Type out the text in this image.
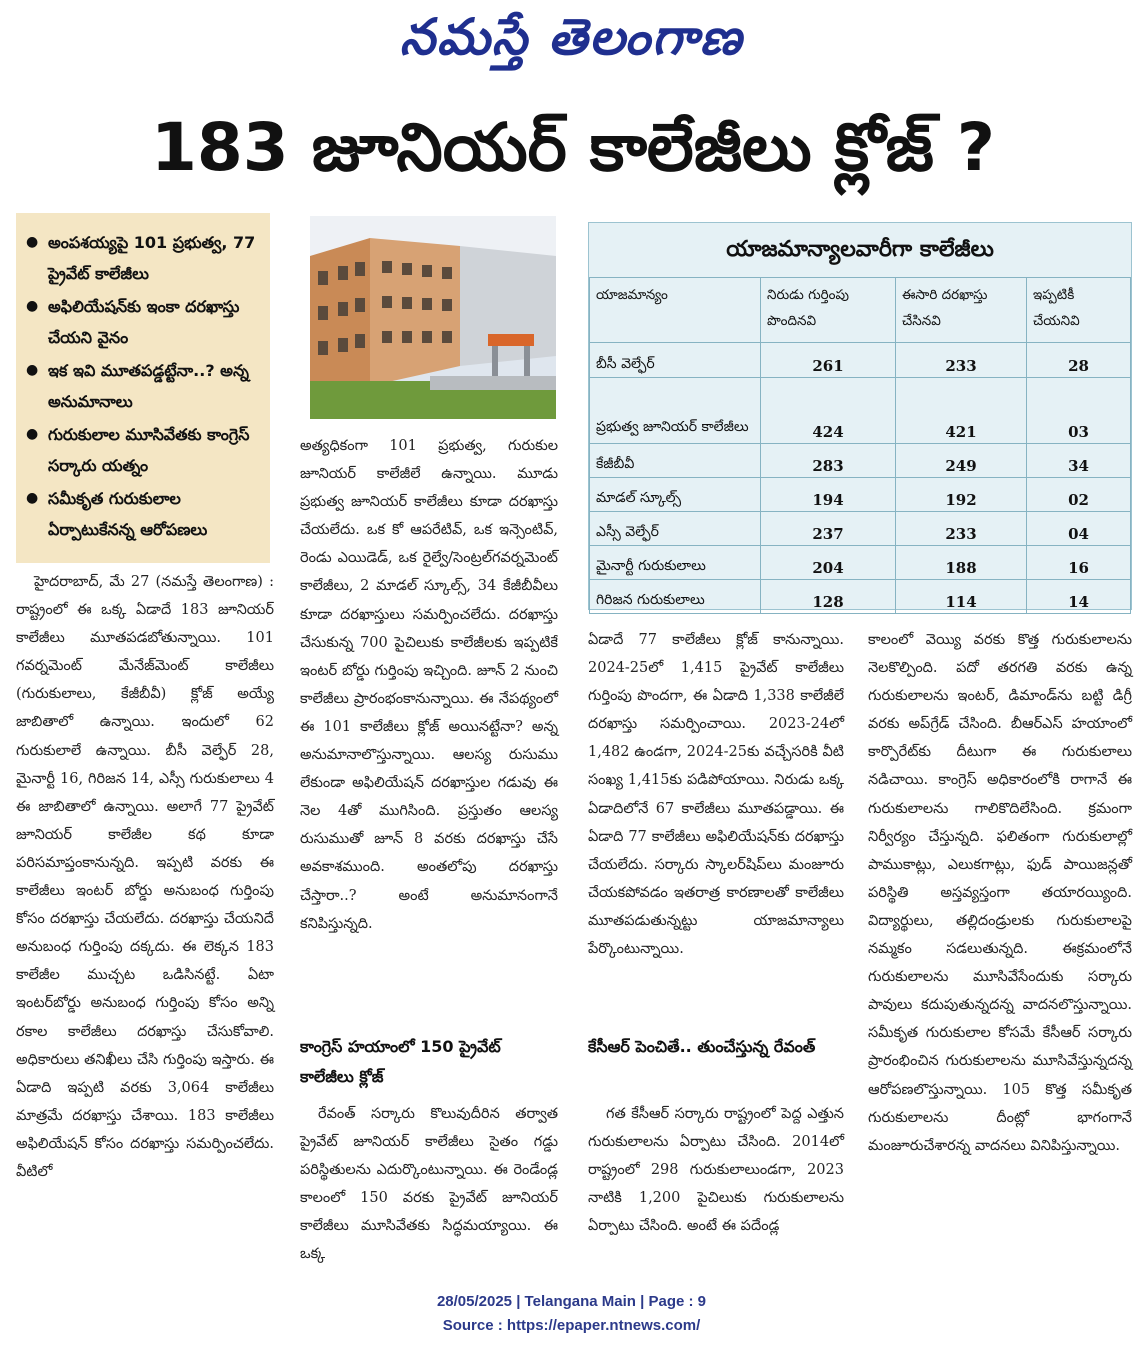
నమస్తే తెలంగాణ
183 జూనియర్ కాలేజీలు క్లోజ్ ?
● అంపశయ్యపై 101 ప్రభుత్వ, 77 ప్రైవేట్ కాలేజీలు
● అఫిలియేషన్‌కు ఇంకా దరఖాస్తు చేయని వైనం
● ఇక ఇవి మూతపడ్డట్టేనా..? అన్న అనుమానాలు
● గురుకులాల మూసివేతకు కాంగ్రెస్ సర్కారు యత్నం
● సమీకృత గురుకులాల ఏర్పాటుకేనన్న ఆరోపణలు
యాజమాన్యాలవారీగా కాలేజీలు
యాజమాన్యం	నిరుడు గుర్తింపు పొందినవి	ఈసారి దరఖాస్తు చేసినవి	ఇప్పటికీ చేయనివి
బీసీ వెల్ఫేర్	261	233	28
ప్రభుత్వ జూనియర్ కాలేజీలు	424	421	03
కేజీబీవీ	283	249	34
మాడల్ స్కూల్స్	194	192	02
ఎస్సీ వెల్ఫేర్	237	233	04
మైనార్టీ గురుకులాలు	204	188	16
గిరిజన గురుకులాలు	128	114	14

హైదరాబాద్, మే 27 (నమస్తే తెలంగాణ) : రాష్ట్రంలో ఈ ఒక్క ఏడాదే 183 జూనియర్ కాలేజీలు మూతపడబోతున్నాయి. 101 గవర్నమెంట్ మేనేజ్‌మెంట్ కాలేజీలు (గురుకులాలు, కేజీబీవీ) క్లోజ్ అయ్యే జాబితాలో ఉన్నాయి. ఇందులో 62 గురుకులాలే ఉన్నాయి. బీసీ వెల్ఫేర్ 28, మైనార్టీ 16, గిరిజన 14, ఎస్సీ గురుకులాలు 4 ఈ జాబితాలో ఉన్నాయి. అలాగే 77 ప్రైవేట్ జూనియర్ కాలేజీల కథ కూడా పరిసమాప్తంకానున్నది. ఇప్పటి వరకు ఈ కాలేజీలు ఇంటర్ బోర్డు అనుబంధ గుర్తింపు కోసం దరఖాస్తు చేయలేదు. దరఖాస్తు చేయనిదే అనుబంధ గుర్తింపు దక్కదు. ఈ లెక్కన 183 కాలేజీల ముచ్చట ఒడిసినట్టే. ఏటా ఇంటర్‌బోర్డు అనుబంధ గుర్తింపు కోసం అన్ని రకాల కాలేజీలు దరఖాస్తు చేసుకోవాలి. అధికారులు తనిఖీలు చేసి గుర్తింపు ఇస్తారు. ఈ ఏడాది ఇప్పటి వరకు 3,064 కాలేజీలు మాత్రమే దరఖాస్తు చేశాయి. 183 కాలేజీలు అఫిలియేషన్ కోసం దరఖాస్తు సమర్పించలేదు. వీటిలో

అత్యధికంగా 101 ప్రభుత్వ, గురుకుల జూనియర్ కాలేజీలే ఉన్నాయి. మూడు ప్రభుత్వ జూనియర్ కాలేజీలు కూడా దరఖాస్తు చేయలేదు. ఒక కో ఆపరేటివ్, ఒక ఇన్సెంటివ్, రెండు ఎయిడెడ్, ఒక రైల్వే/సెంట్రల్‌గవర్నమెంట్ కాలేజీలు, 2 మాడల్ స్కూల్స్, 34 కేజీబీవీలు కూడా దరఖాస్తులు సమర్పించలేదు. దరఖాస్తు చేసుకున్న 700 పైచిలుకు కాలేజీలకు ఇప్పటికే ఇంటర్ బోర్డు గుర్తింపు ఇచ్చింది. జూన్ 2 నుంచి కాలేజీలు ప్రారంభంకానున్నాయి. ఈ నేపథ్యంలో ఈ 101 కాలేజీలు క్లోజ్ అయినట్టేనా? అన్న అనుమానాలొస్తున్నాయి. ఆలస్య రుసుము లేకుండా అఫిలియేషన్ దరఖాస్తుల గడువు ఈ నెల 4తో ముగిసింది. ప్రస్తుతం ఆలస్య రుసుముతో జూన్ 8 వరకు దరఖాస్తు చేసే అవకాశముంది. అంతలోపు దరఖాస్తు చేస్తారా..? అంటే అనుమానంగానే కనిపిస్తున్నది.

కాంగ్రెస్ హయాంలో 150 ప్రైవేట్ కాలేజీలు క్లోజ్

రేవంత్ సర్కారు కొలువుదీరిన తర్వాత ప్రైవేట్ జూనియర్ కాలేజీలు సైతం గడ్డు పరిస్థితులను ఎదుర్కొంటున్నాయి. ఈ రెండేండ్ల కాలంలో 150 వరకు ప్రైవేట్ జూనియర్ కాలేజీలు మూసివేతకు సిద్ధమయ్యాయి. ఈ ఒక్క

ఏడాదే 77 కాలేజీలు క్లోజ్ కానున్నాయి. 2024-25లో 1,415 ప్రైవేట్ కాలేజీలు గుర్తింపు పొందగా, ఈ ఏడాది 1,338 కాలేజీలే దరఖాస్తు సమర్పించాయి. 2023-24లో 1,482 ఉండగా, 2024-25కు వచ్చేసరికి వీటి సంఖ్య 1,415కు పడిపోయాయి. నిరుడు ఒక్క ఏడాదిలోనే 67 కాలేజీలు మూతపడ్డాయి. ఈ ఏడాది 77 కాలేజీలు అఫిలియేషన్‌కు దరఖాస్తు చేయలేదు. సర్కారు స్కాలర్‌షిప్‌లు మంజూరు చేయకపోవడం ఇతరాత్ర కారణాలతో కాలేజీలు మూతపడుతున్నట్టు యాజమాన్యాలు పేర్కొంటున్నాయి.

కేసీఆర్ పెంచితే.. తుంచేస్తున్న రేవంత్

గత కేసీఆర్ సర్కారు రాష్ట్రంలో పెద్ద ఎత్తున గురుకులాలను ఏర్పాటు చేసింది. 2014లో రాష్ట్రంలో 298 గురుకులాలుండగా, 2023 నాటికి 1,200 పైచిలుకు గురుకులాలను ఏర్పాటు చేసింది. అంటే ఈ పదేండ్ల

కాలంలో వెయ్యి వరకు కొత్త గురుకులాలను నెలకొల్పింది. పదో తరగతి వరకు ఉన్న గురుకులాలను ఇంటర్, డిమాండ్‌ను బట్టి డిగ్రీ వరకు అప్‌గ్రేడ్ చేసింది. బీఆర్‌ఎస్ హయాంలో కార్పొరేట్‌కు దీటుగా ఈ గురుకులాలు నడిచాయి. కాంగ్రెస్ అధికారంలోకి రాగానే ఈ గురుకులాలను గాలికొదిలేసింది. క్రమంగా నిర్వీర్యం చేస్తున్నది. ఫలితంగా గురుకులాల్లో పాముకాట్లు, ఎలుకగాట్లు, ఫుడ్ పాయిజన్లతో పరిస్థితి అస్తవ్యస్తంగా తయారయ్యింది. విద్యార్థులు, తల్లిదండ్రులకు గురుకులాలపై నమ్మకం సడలుతున్నది. ఈక్రమంలోనే గురుకులాలను మూసివేసేందుకు సర్కారు పావులు కదుపుతున్నదన్న వాదనలొస్తున్నాయి. సమీకృత గురుకులాల కోసమే కేసీఆర్ సర్కారు ప్రారంభించిన గురుకులాలను మూసివేస్తున్నదన్న ఆరోపణలొస్తున్నాయి. 105 కొత్త సమీకృత గురుకులాలను దీంట్లో భాగంగానే మంజూరుచేశారన్న వాదనలు వినిపిస్తున్నాయి.

28/05/2025 | Telangana Main | Page : 9
Source : https://epaper.ntnews.com/
